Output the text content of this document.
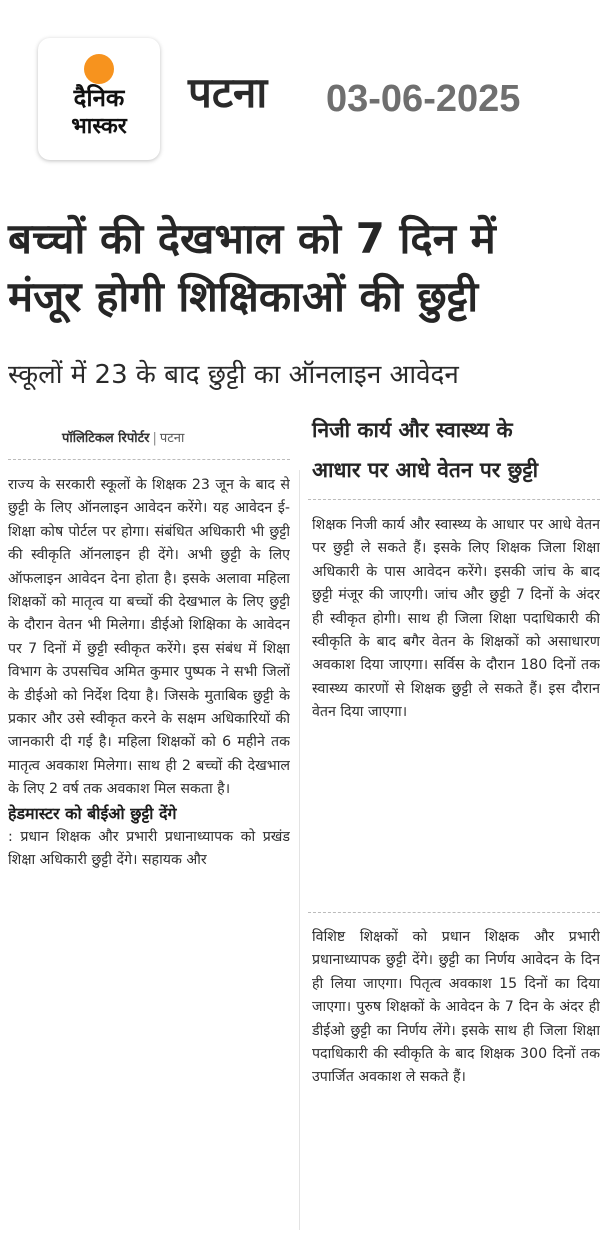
दैनिक
भास्कर
पटना 03-06-2025
बच्चों की देखभाल को 7 दिन में
मंजूर होगी शिक्षिकाओं की छुट्टी
स्कूलों में 23 के बाद छुट्टी का ऑनलाइन आवेदन
पॉलिटिकल रिपोर्टर | पटना

राज्य के सरकारी स्कूलों के शिक्षक 23 जून के बाद से छुट्टी के लिए ऑनलाइन आवेदन करेंगे। यह आवेदन ई-शिक्षा कोष पोर्टल पर होगा। संबंधित अधिकारी भी छुट्टी की स्वीकृति ऑनलाइन ही देंगे। अभी छुट्टी के लिए ऑफलाइन आवेदन देना होता है। इसके अलावा महिला शिक्षकों को मातृत्व या बच्चों की देखभाल के लिए छुट्टी के दौरान वेतन भी मिलेगा। डीईओ शिक्षिका के आवेदन पर 7 दिनों में छुट्टी स्वीकृत करेंगे। इस संबंध में शिक्षा विभाग के उपसचिव अमित कुमार पुष्पक ने सभी जिलों के डीईओ को निर्देश दिया है। जिसके मुताबिक छुट्टी के प्रकार और उसे स्वीकृत करने के सक्षम अधिकारियों की जानकारी दी गई है। महिला शिक्षकों को 6 महीने तक मातृत्व अवकाश मिलेगा। साथ ही 2 बच्चों की देखभाल के लिए 2 वर्ष तक अवकाश मिल सकता है।

हेडमास्टर को बीईओ छुट्टी देंगे

: प्रधान शिक्षक और प्रभारी प्रधानाध्यापक को प्रखंड शिक्षा अधिकारी छुट्टी देंगे। सहायक और

निजी कार्य और स्वास्थ्य के
आधार पर आधे वेतन पर छुट्टी

शिक्षक निजी कार्य और स्वास्थ्य के आधार पर आधे वेतन पर छुट्टी ले सकते हैं। इसके लिए शिक्षक जिला शिक्षा अधिकारी के पास आवेदन करेंगे। इसकी जांच के बाद छुट्टी मंजूर की जाएगी। जांच और छुट्टी 7 दिनों के अंदर ही स्वीकृत होगी। साथ ही जिला शिक्षा पदाधिकारी की स्वीकृति के बाद बगैर वेतन के शिक्षकों को असाधारण अवकाश दिया जाएगा। सर्विस के दौरान 180 दिनों तक स्वास्थ्य कारणों से शिक्षक छुट्टी ले सकते हैं। इस दौरान वेतन दिया जाएगा।

विशिष्ट शिक्षकों को प्रधान शिक्षक और प्रभारी प्रधानाध्यापक छुट्टी देंगे। छुट्टी का निर्णय आवेदन के दिन ही लिया जाएगा। पितृत्व अवकाश 15 दिनों का दिया जाएगा। पुरुष शिक्षकों के आवेदन के 7 दिन के अंदर ही डीईओ छुट्टी का निर्णय लेंगे। इसके साथ ही जिला शिक्षा पदाधिकारी की स्वीकृति के बाद शिक्षक 300 दिनों तक उपार्जित अवकाश ले सकते हैं।
